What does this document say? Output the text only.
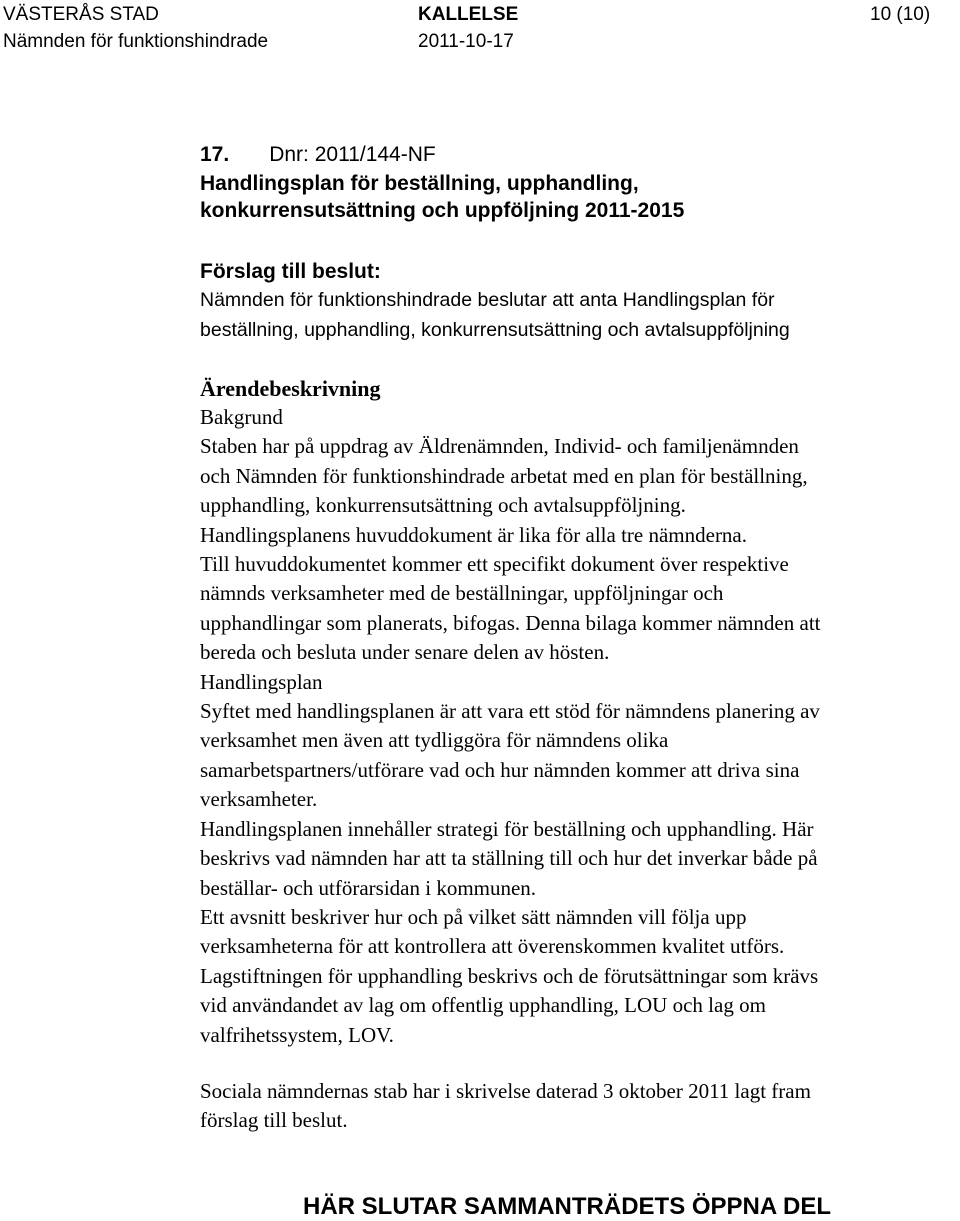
VÄSTERÅS STAD
Nämnden för funktionshindrade
KALLELSE
2011-10-17
10 (10)
17. Dnr: 2011/144-NF
Handlingsplan för beställning, upphandling,
konkurrensutsättning och uppföljning 2011-2015
Förslag till beslut:
Nämnden för funktionshindrade beslutar att anta Handlingsplan för
beställning, upphandling, konkurrensutsättning och avtalsuppföljning
Ärendebeskrivning
Bakgrund
Staben har på uppdrag av Äldrenämnden, Individ- och familjenämnden
och Nämnden för funktionshindrade arbetat med en plan för beställning,
upphandling, konkurrensutsättning och avtalsuppföljning.
Handlingsplanens huvuddokument är lika för alla tre nämnderna.
Till huvuddokumentet kommer ett specifikt dokument över respektive
nämnds verksamheter med de beställningar, uppföljningar och
upphandlingar som planerats, bifogas. Denna bilaga kommer nämnden att
bereda och besluta under senare delen av hösten.
Handlingsplan
Syftet med handlingsplanen är att vara ett stöd för nämndens planering av
verksamhet men även att tydliggöra för nämndens olika
samarbetspartners/utförare vad och hur nämnden kommer att driva sina
verksamheter.
Handlingsplanen innehåller strategi för beställning och upphandling. Här
beskrivs vad nämnden har att ta ställning till och hur det inverkar både på
beställar- och utförarsidan i kommunen.
Ett avsnitt beskriver hur och på vilket sätt nämnden vill följa upp
verksamheterna för att kontrollera att överenskommen kvalitet utförs.
Lagstiftningen för upphandling beskrivs och de förutsättningar som krävs
vid användandet av lag om offentlig upphandling, LOU och lag om
valfrihetssystem, LOV.
Sociala nämndernas stab har i skrivelse daterad 3 oktober 2011 lagt fram
förslag till beslut.
HÄR SLUTAR SAMMANTRÄDETS ÖPPNA DEL
